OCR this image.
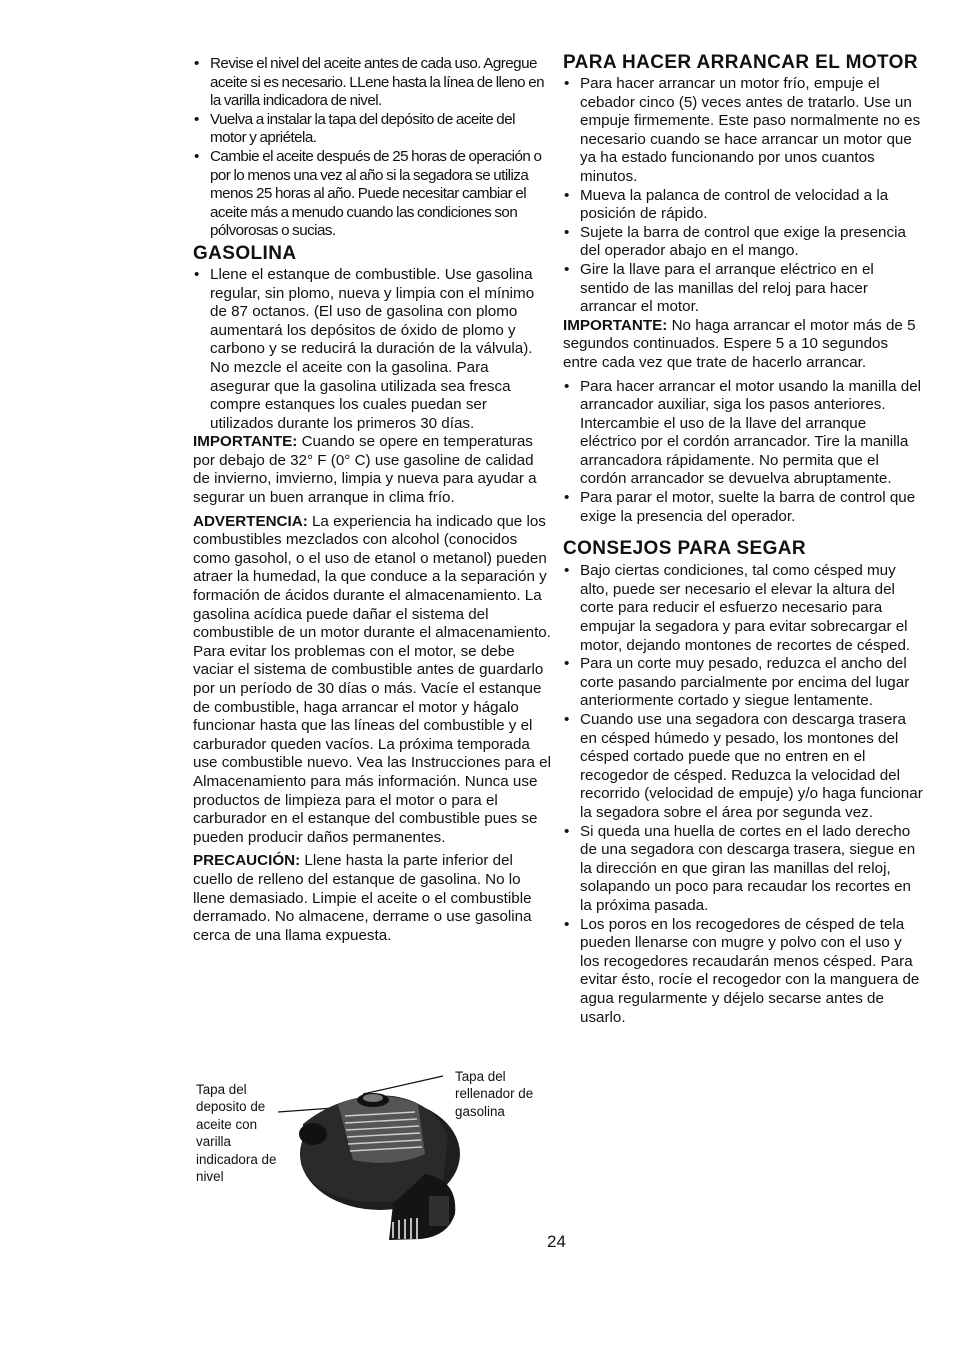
• Revise el nivel del aceite antes de cada uso. Agregue aceite si es necesario. LLene hasta la línea de lleno en la varilla indicadora de nivel.
• Vuelva a instalar la tapa del depósito de aceite del motor y apriétela.
• Cambie el aceite después de 25 horas de operación o por lo menos una vez al año si la segadora se utiliza menos 25 horas al año. Puede necesitar cambiar el aceite más a menudo cuando las condiciones son pólvorosas o sucias.
GASOLINA
• Llene el estanque de combustible. Use gasolina regular, sin plomo, nueva y limpia con el mínimo de 87 octanos. (El uso de gasolina con plomo aumentará los depósitos de óxido de plomo y carbono y se reducirá la duración de la válvula). No mezcle el aceite con la gasolina. Para asegurar que la gasolina utilizada sea fresca compre estanques los cuales puedan ser utilizados durante los primeros 30 días.

IMPORTANTE: Cuando se opere en temperaturas por debajo de 32° F (0° C) use gasoline de calidad de invierno, imvierno, limpia y nueva para ayudar a segurar un buen arranque in clima frío.

ADVERTENCIA: La experiencia ha indicado que los combustibles mezclados con alcohol (conocidos como gasohol, o el uso de etanol o metanol) pueden atraer la humedad, la que conduce a la separación y formación de ácidos durante el almacenamiento. La gasolina acídica puede dañar el sistema del combustible de un motor durante el almacenamiento. Para evitar los problemas con el motor, se debe vaciar el sistema de combustible antes de guardarlo por un período de 30 días o más. Vacíe el estanque de combustible, haga arrancar el motor y hágalo funcionar hasta que las líneas del combustible y el carburador queden vacíos. La próxima temporada use combustible nuevo. Vea las Instrucciones para el Almacenamiento para más información. Nunca use productos de limpieza para el motor o para el carburador en el estanque del combustible pues se pueden producir daños permanentes.

PRECAUCIÓN: Llene hasta la parte inferior del cuello de relleno del estanque de gasolina. No lo llene demasiado. Limpie el aceite o el combustible derramado. No almacene, derrame o use gasolina cerca de una llama expuesta.

Tapa del deposito de aceite con varilla indicadora de nivel
Tapa del rellenador de gasolina
PARA HACER ARRANCAR EL MOTOR
• Para hacer arrancar un motor frío, empuje el cebador cinco (5) veces antes de tratarlo. Use un empuje firmemente. Este paso normalmente no es necesario cuando se hace arrancar un motor que ya ha estado funcionando por unos cuantos minutos.
• Mueva la palanca de control de velocidad a la posición de rápido.
• Sujete la barra de control que exige la presencia del operador abajo en el mango.
• Gire la llave para el arranque eléctrico en el sentido de las manillas del reloj para hacer arrancar el motor.

IMPORTANTE: No haga arrancar el motor más de 5 segundos continuados. Espere 5 a 10 segundos entre cada vez que trate de hacerlo arrancar.

• Para hacer arrancar el motor usando la manilla del arrancador auxiliar, siga los pasos anteriores. Intercambie el uso de la llave del arranque eléctrico por el cordón arrancador. Tire la manilla arrancadora rápidamente. No permita que el cordón arrancador se devuelva abruptamente.
• Para parar el motor, suelte la barra de control que exige la presencia del operador.
CONSEJOS PARA SEGAR
• Bajo ciertas condiciones, tal como césped muy alto, puede ser necesario el elevar la altura del corte para reducir el esfuerzo necesario para empujar la segadora y para evitar sobrecargar el motor, dejando montones de recortes de césped.
• Para un corte muy pesado, reduzca el ancho del corte pasando parcialmente por encima del lugar anteriormente cortado y siegue lentamente.
• Cuando use una segadora con descarga trasera en césped húmedo y pesado, los montones del césped cortado puede que no entren en el recogedor de césped. Reduzca la velocidad del recorrido (velocidad de empuje) y/o haga funcionar la segadora sobre el área por segunda vez.
• Si queda una huella de cortes en el lado derecho de una segadora con descarga trasera, siegue en la dirección en que giran las manillas del reloj, solapando un poco para recaudar los recortes en la próxima pasada.
• Los poros en los recogedores de césped de tela pueden llenarse con mugre y polvo con el uso y los recogedores recaudarán menos césped. Para evitar ésto, rocíe el recogedor con la manguera de agua regularmente y déjelo secarse antes de usarlo.
24
